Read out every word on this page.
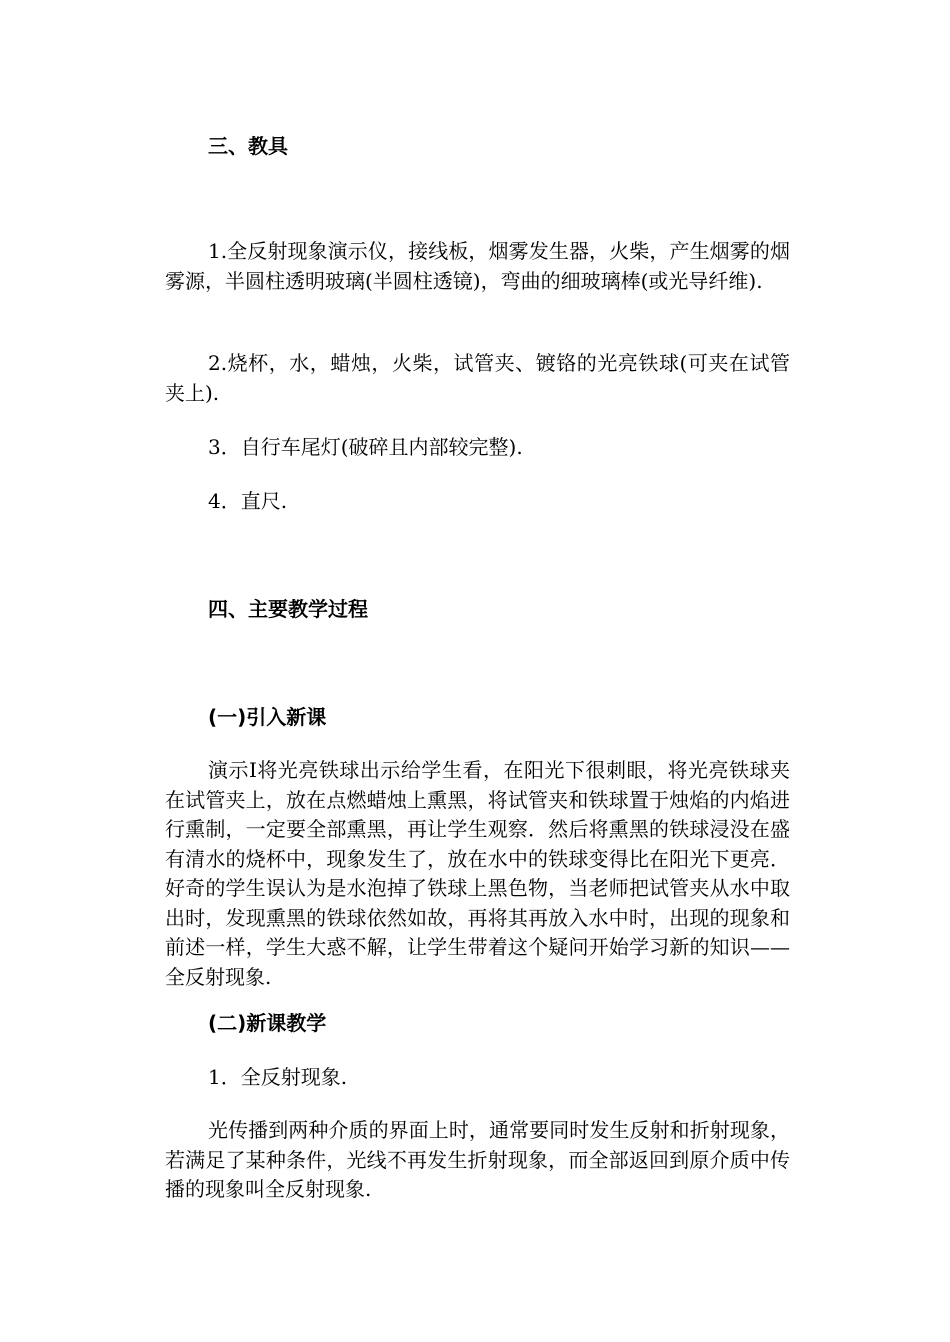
三、教具

1.全反射现象演示仪，接线板，烟雾发生器，火柴，产生烟雾的烟雾源，半圆柱透明玻璃(半圆柱透镜)，弯曲的细玻璃棒(或光导纤维).

2.烧杯，水，蜡烛，火柴，试管夹、镀铬的光亮铁球(可夹在试管夹上).

3．自行车尾灯(破碎且内部较完整).

4．直尺.

四、主要教学过程

(一)引入新课

演示Ⅰ将光亮铁球出示给学生看，在阳光下很刺眼，将光亮铁球夹在试管夹上，放在点燃蜡烛上熏黑，将试管夹和铁球置于烛焰的内焰进行熏制，一定要全部熏黑，再让学生观察．然后将熏黑的铁球浸没在盛有清水的烧杯中，现象发生了，放在水中的铁球变得比在阳光下更亮．好奇的学生误认为是水泡掉了铁球上黑色物，当老师把试管夹从水中取出时，发现熏黑的铁球依然如故，再将其再放入水中时，出现的现象和前述一样，学生大惑不解，让学生带着这个疑问开始学习新的知识——全反射现象.

(二)新课教学

1．全反射现象.

光传播到两种介质的界面上时，通常要同时发生反射和折射现象，若满足了某种条件，光线不再发生折射现象，而全部返回到原介质中传播的现象叫全反射现象.
